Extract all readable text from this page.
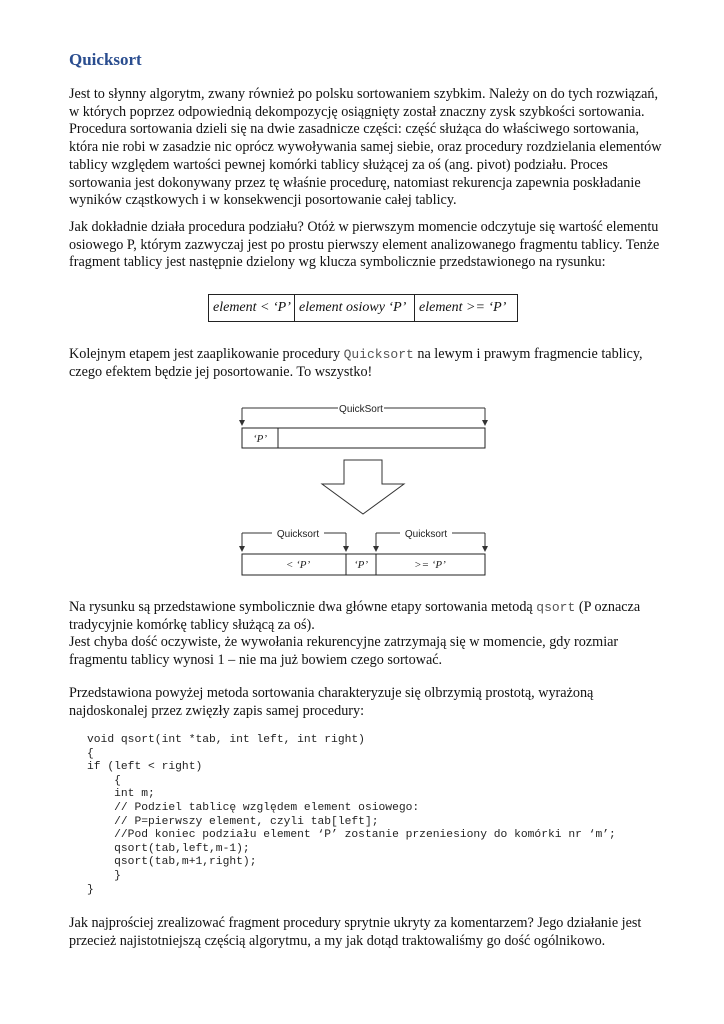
Quicksort

Jest to słynny algorytm, zwany również po polsku sortowaniem szybkim. Należy on do tych rozwiązań, w których poprzez odpowiednią dekompozycję osiągnięty został znaczny zysk szybkości sortowania. Procedura sortowania dzieli się na dwie zasadnicze części: część służąca do właściwego sortowania, która nie robi w zasadzie nic oprócz wywoływania samej siebie, oraz procedury rozdzielania elementów tablicy względem wartości pewnej komórki tablicy służącej za oś (ang. pivot) podziału. Proces sortowania jest dokonywany przez tę właśnie procedurę, natomiast rekurencja zapewnia poskładanie wyników cząstkowych i w konsekwencji posortowanie całej tablicy.

Jak dokładnie działa procedura podziału? Otóż w pierwszym momencie odczytuje się wartość elementu osiowego P, którym zazwyczaj jest po prostu pierwszy element analizowanego fragmentu tablicy. Tenże fragment tablicy jest następnie dzielony wg klucza symbolicznie przedstawionego na rysunku:

element < ‘P’ element osiowy ‘P’ element >= ‘P’

Kolejnym etapem jest zaaplikowanie procedury Quicksort na lewym i prawym fragmencie tablicy, czego efektem będzie jej posortowanie. To wszystko!

QuickSort
‘P’
Quicksort	Quicksort
< ‘P’	‘P’	>= ‘P’

Na rysunku są przedstawione symbolicznie dwa główne etapy sortowania metodą qsort (P oznacza tradycyjnie komórkę tablicy służącą za oś).

Jest chyba dość oczywiste, że wywołania rekurencyjne zatrzymają się w momencie, gdy rozmiar fragmentu tablicy wynosi 1 – nie ma już bowiem czego sortować.

Przedstawiona powyżej metoda sortowania charakteryzuje się olbrzymią prostotą, wyrażoną najdoskonalej przez zwięzły zapis samej procedury:

void qsort(int *tab, int left, int right)
{
if (left < right)
{
int m;
// Podziel tablicę względem element osiowego:
// P=pierwszy element, czyli tab[left];
//Pod koniec podziału element ‘P’ zostanie przeniesiony do komórki nr ‘m’;
qsort(tab,left,m-1);
qsort(tab,m+1,right);
}
}

Jak najprościej zrealizować fragment procedury sprytnie ukryty za komentarzem? Jego działanie jest przecież najistotniejszą częścią algorytmu, a my jak dotąd traktowaliśmy go dość ogólnikowo.
